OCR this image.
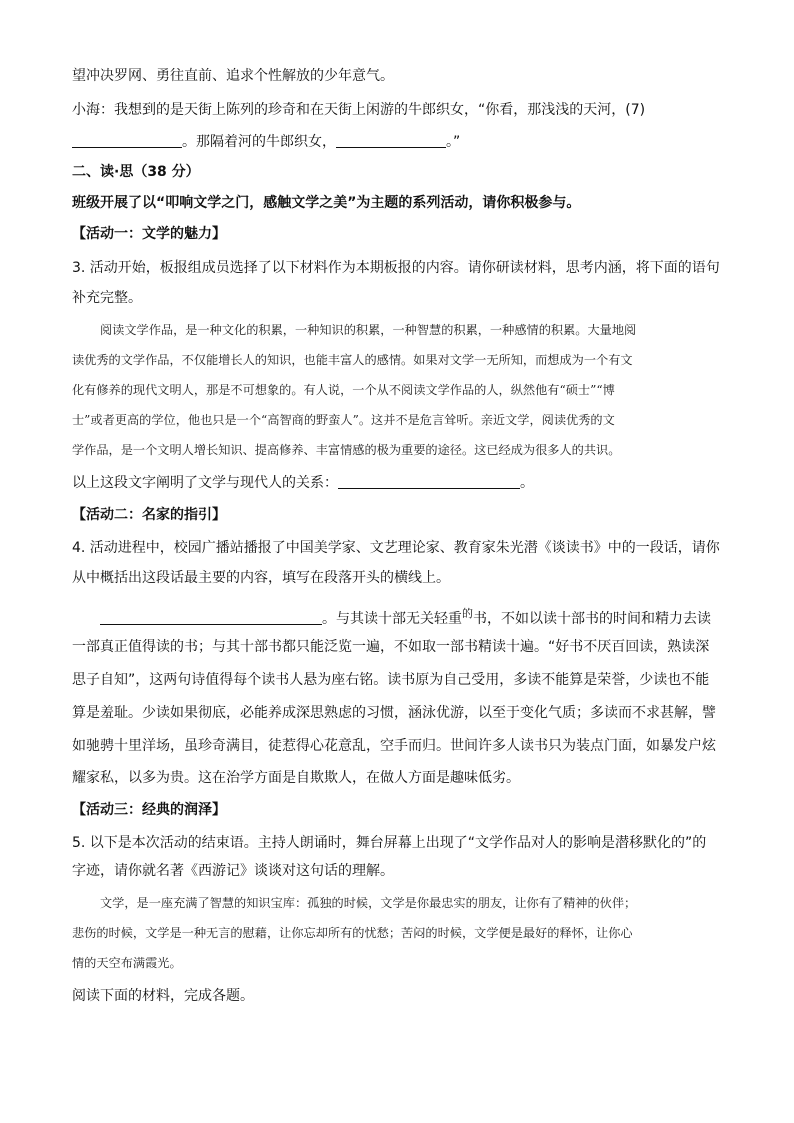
望冲决罗网、勇往直前、追求个性解放的少年意气。
小海：我想到的是天街上陈列的珍奇和在天街上闲游的牛郎织女，“你看，那浅浅的天河，(7)
。那隔着河的牛郎织女，	。”
二、读·思（38 分）
班级开展了以“叩响文学之门，感触文学之美”为主题的系列活动，请你积极参与。
【活动一：文学的魅力】
3. 活动开始，板报组成员选择了以下材料作为本期板报的内容。请你研读材料，思考内涵，将下面的语句
补充完整。
阅读文学作品，是一种文化的积累，一种知识的积累，一种智慧的积累，一种感情的积累。大量地阅
读优秀的文学作品，不仅能增长人的知识，也能丰富人的感情。如果对文学一无所知，而想成为一个有文
化有修养的现代文明人，那是不可想象的。有人说，一个从不阅读文学作品的人，纵然他有“硕士”“博
士”或者更高的学位，他也只是一个“高智商的野蛮人”。这并不是危言耸听。亲近文学，阅读优秀的文
学作品，是一个文明人增长知识、提高修养、丰富情感的极为重要的途径。这已经成为很多人的共识。
以上这段文字阐明了文学与现代人的关系：	。
【活动二：名家的指引】
4. 活动进程中，校园广播站播报了中国美学家、文艺理论家、教育家朱光潜《谈读书》中的一段话，请你
从中概括出这段话最主要的内容，填写在段落开头的横线上。
。与其读十部无关轻重$^的$书，不如以读十部书的时间和精力去读
一部真正值得读的书；与其十部书都只能泛览一遍，不如取一部书精读十遍。“好书不厌百回读，熟读深
思子自知”，这两句诗值得每个读书人悬为座右铭。读书原为自己受用，多读不能算是荣誉，少读也不能
算是羞耻。少读如果彻底，必能养成深思熟虑的习惯，涵泳优游，以至于变化气质；多读而不求甚解，譬
如驰骋十里洋场，虽珍奇满目，徒惹得心花意乱，空手而归。世间许多人读书只为装点门面，如暴发户炫
耀家私，以多为贵。这在治学方面是自欺欺人，在做人方面是趣味低劣。
【活动三：经典的润泽】
5. 以下是本次活动的结束语。主持人朗诵时，舞台屏幕上出现了“文学作品对人的影响是潜移默化的”的
字迹，请你就名著《西游记》谈谈对这句话的理解。
文学，是一座充满了智慧的知识宝库：孤独的时候，文学是你最忠实的朋友，让你有了精神的伙伴；
悲伤的时候，文学是一种无言的慰藉，让你忘却所有的忧愁；苦闷的时候，文学便是最好的释怀，让你心
情的天空布满霞光。
阅读下面的材料，完成各题。
